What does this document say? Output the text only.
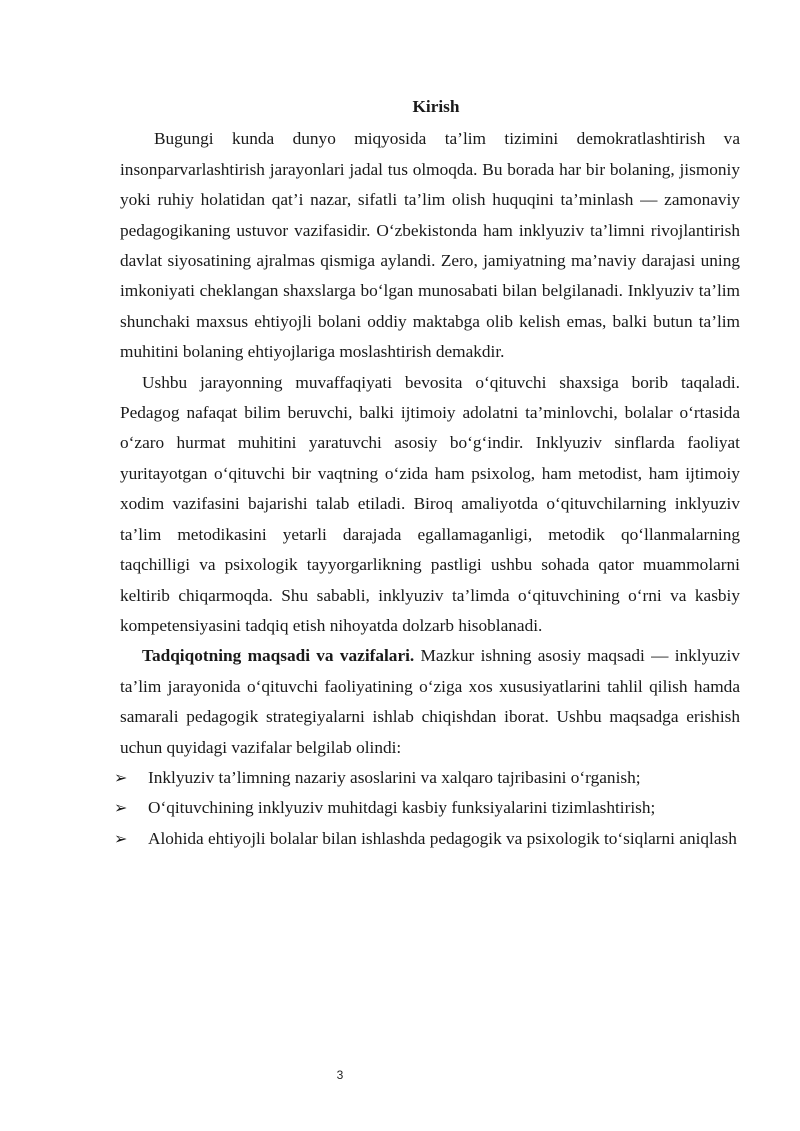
Kirish

Bugungi kunda dunyo miqyosida ta’lim tizimini demokratlashtirish va insonparvarlashtirish jarayonlari jadal tus olmoqda. Bu borada har bir bolaning, jismoniy yoki ruhiy holatidan qat’i nazar, sifatli ta’lim olish huquqini ta’minlash — zamonaviy pedagogikaning ustuvor vazifasidir. O‘zbekistonda ham inklyuziv ta’limni rivojlantirish davlat siyosatining ajralmas qismiga aylandi. Zero, jamiyatning ma’naviy darajasi uning imkoniyati cheklangan shaxslarga bo‘lgan munosabati bilan belgilanadi. Inklyuziv ta’lim shunchaki maxsus ehtiyojli bolani oddiy maktabga olib kelish emas, balki butun ta’lim muhitini bolaning ehtiyojlariga moslashtirish demakdir.

Ushbu jarayonning muvaffaqiyati bevosita o‘qituvchi shaxsiga borib taqaladi. Pedagog nafaqat bilim beruvchi, balki ijtimoiy adolatni ta’minlovchi, bolalar o‘rtasida o‘zaro hurmat muhitini yaratuvchi asosiy bo‘g‘indir. Inklyuziv sinflarda faoliyat yuritayotgan o‘qituvchi bir vaqtning o‘zida ham psixolog, ham metodist, ham ijtimoiy xodim vazifasini bajarishi talab etiladi. Biroq amaliyotda o‘qituvchilarning inklyuziv ta’lim metodikasini yetarli darajada egallamaganligi, metodik qo‘llanmalarning taqchilligi va psixologik tayyorgarlikning pastligi ushbu sohada qator muammolarni keltirib chiqarmoqda. Shu sababli, inklyuziv ta’limda o‘qituvchining o‘rni va kasbiy kompetensiyasini tadqiq etish nihoyatda dolzarb hisoblanadi.

Tadqiqotning maqsadi va vazifalari. Mazkur ishning asosiy maqsadi — inklyuziv ta’lim jarayonida o‘qituvchi faoliyatining o‘ziga xos xususiyatlarini tahlil qilish hamda samarali pedagogik strategiyalarni ishlab chiqishdan iborat. Ushbu maqsadga erishish uchun quyidagi vazifalar belgilab olindi:

➢ Inklyuziv ta’limning nazariy asoslarini va xalqaro tajribasini o‘rganish;
➢ O‘qituvchining inklyuziv muhitdagi kasbiy funksiyalarini tizimlashtirish;
➢ Alohida ehtiyojli bolalar bilan ishlashda pedagogik va psixologik to‘siqlarni aniqlash
3
